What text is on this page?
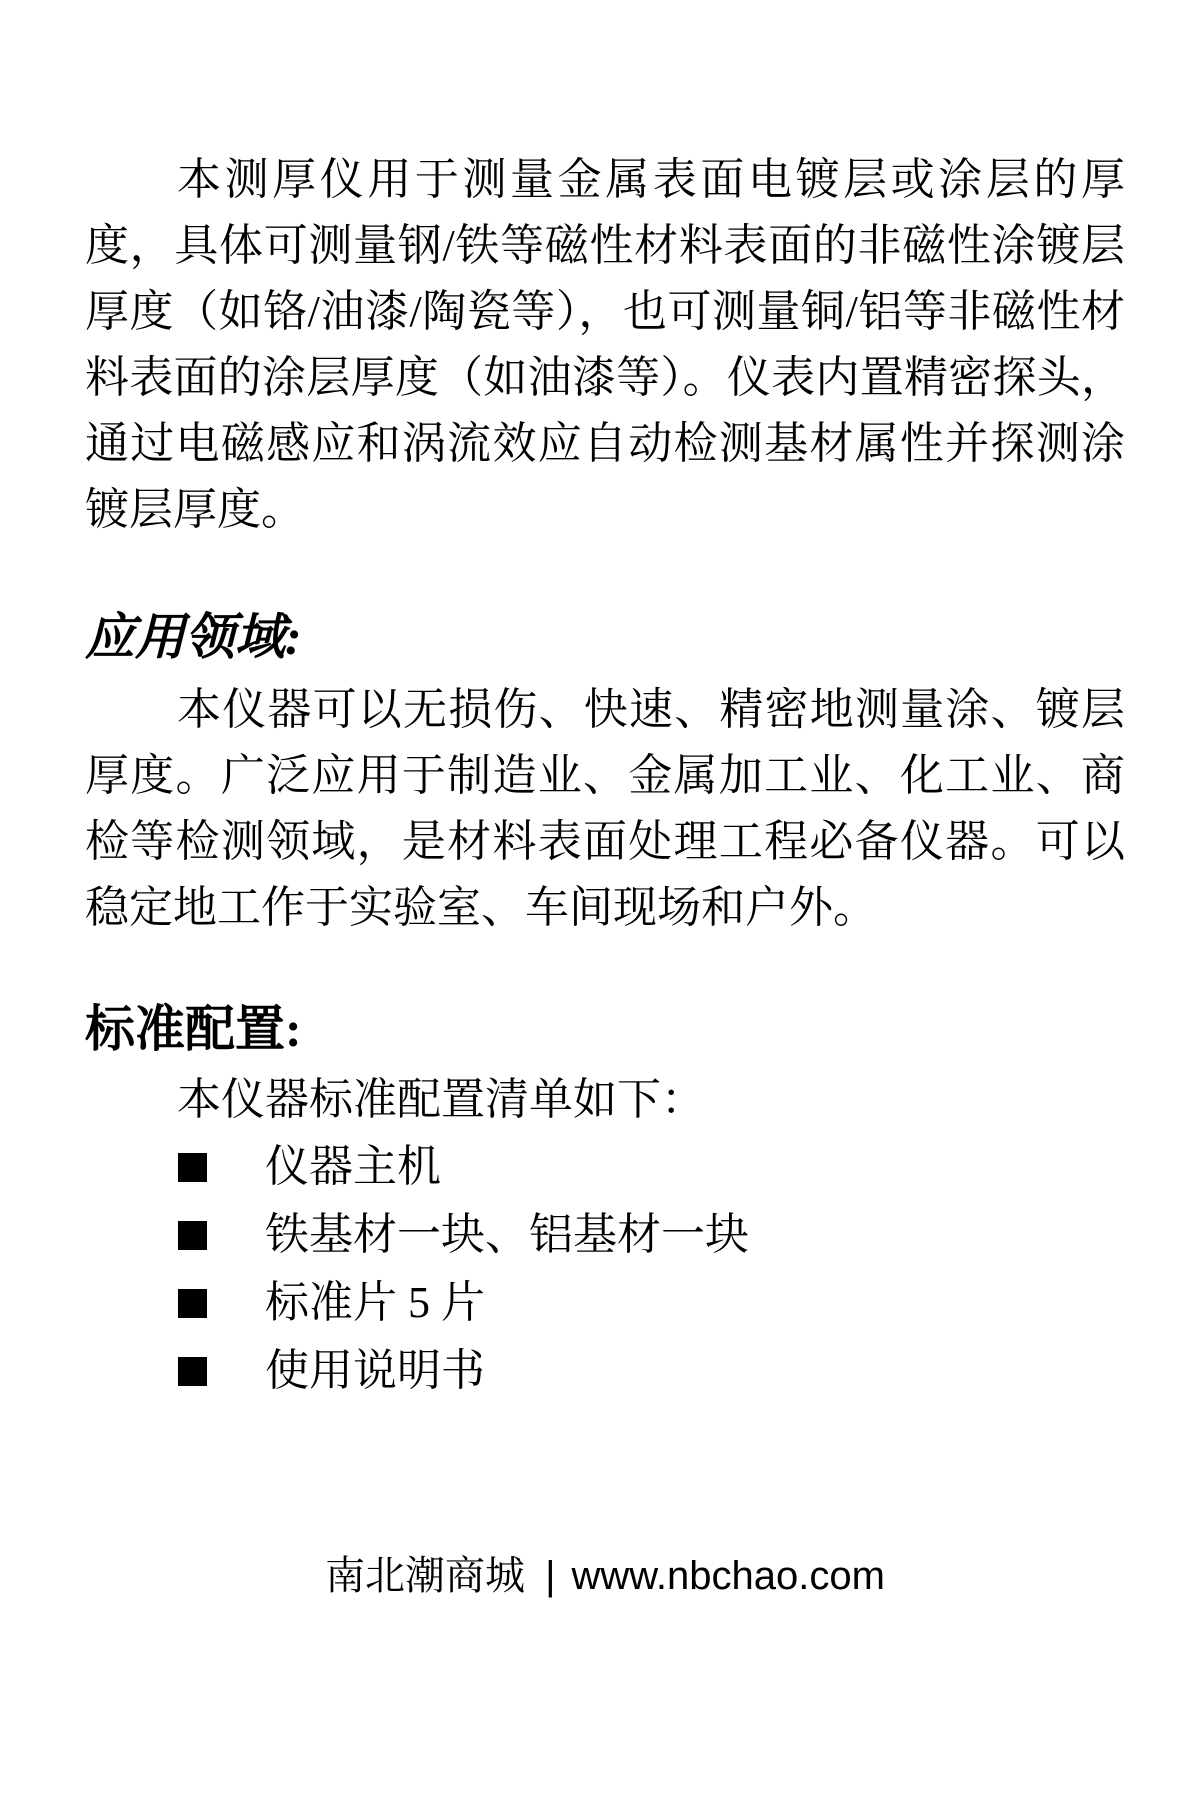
本测厚仪用于测量金属表面电镀层或涂层的厚度，具体可测量钢/铁等磁性材料表面的非磁性涂镀层厚度（如铬/油漆/陶瓷等），也可测量铜/铝等非磁性材料表面的涂层厚度（如油漆等）。仪表内置精密探头，通过电磁感应和涡流效应自动检测基材属性并探测涂镀层厚度。

应用领域:

本仪器可以无损伤、快速、精密地测量涂、镀层厚度。广泛应用于制造业、金属加工业、化工业、商检等检测领域，是材料表面处理工程必备仪器。可以稳定地工作于实验室、车间现场和户外。

标准配置:

本仪器标准配置清单如下：

仪器主机
铁基材一块、铝基材一块
标准片 5 片
使用说明书
南北潮商城 | www.nbchao.com
